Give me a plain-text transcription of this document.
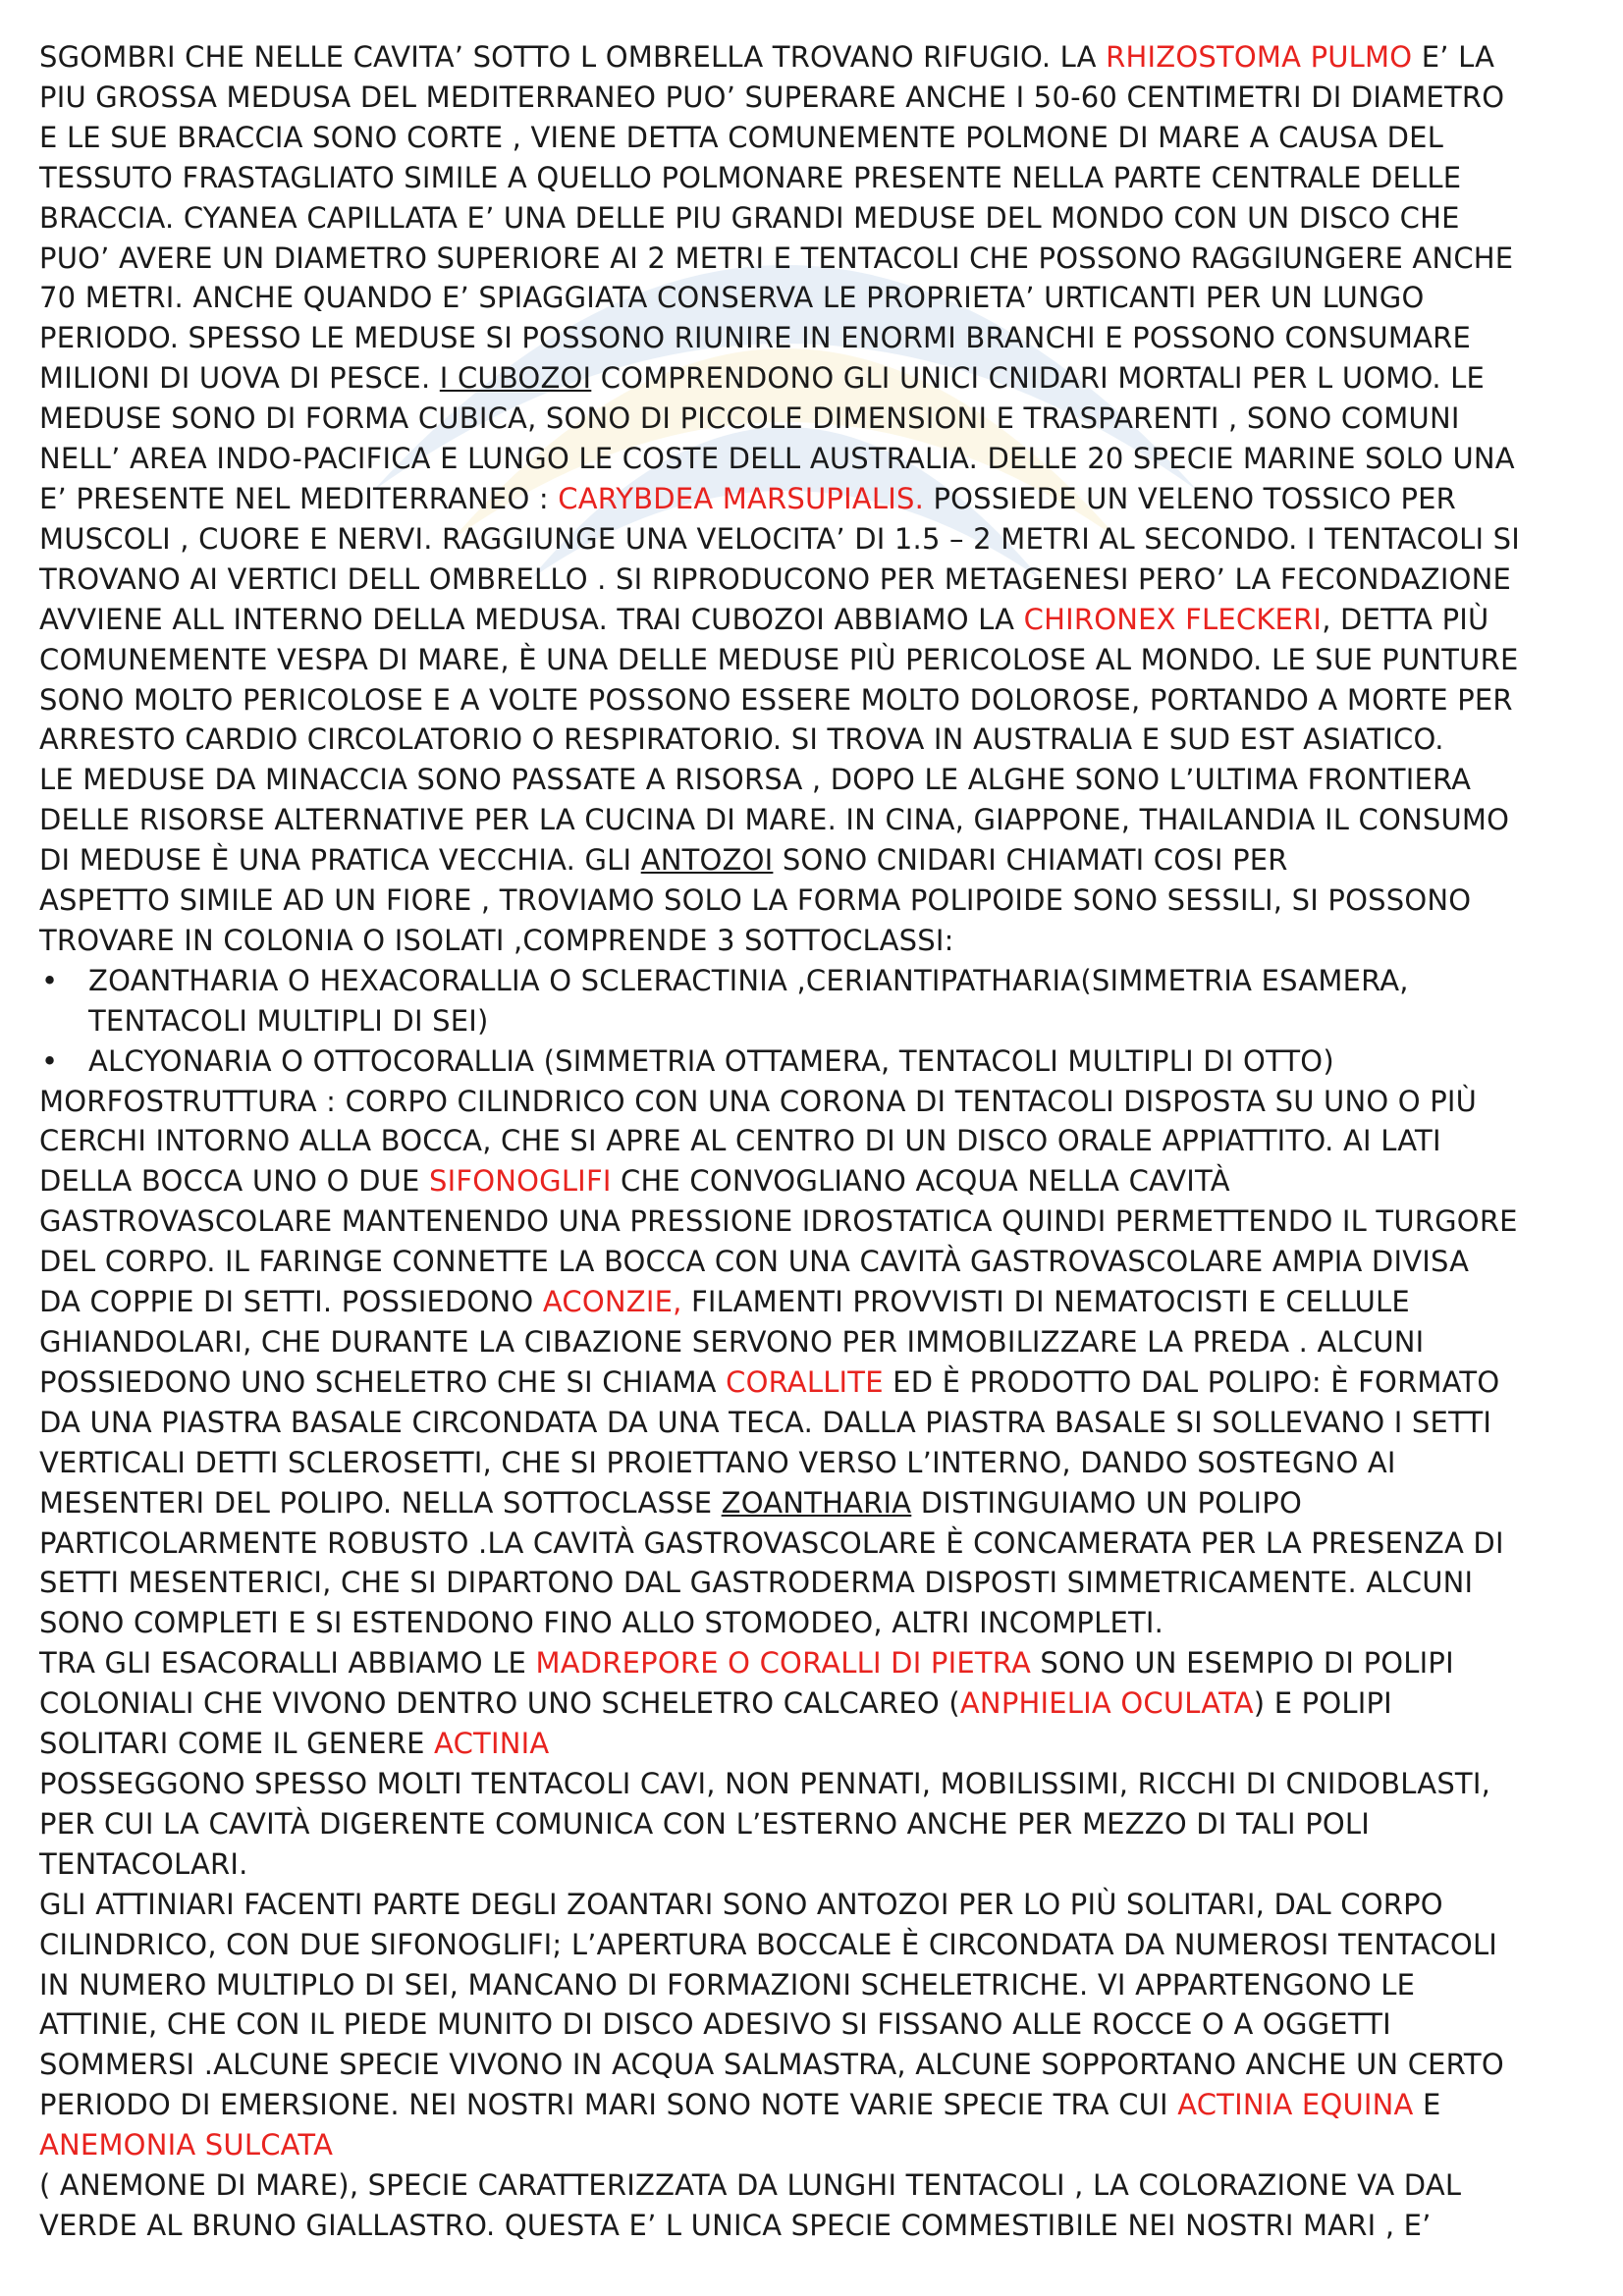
SGOMBRI CHE NELLE CAVITA’ SOTTO L OMBRELLA TROVANO RIFUGIO. LA RHIZOSTOMA PULMO E’ LA
PIU GROSSA MEDUSA DEL MEDITERRANEO PUO’ SUPERARE ANCHE I 50-60 CENTIMETRI DI DIAMETRO
E LE SUE BRACCIA SONO CORTE , VIENE DETTA COMUNEMENTE POLMONE DI MARE A CAUSA DEL
TESSUTO FRASTAGLIATO SIMILE A QUELLO POLMONARE PRESENTE NELLA PARTE CENTRALE DELLE
BRACCIA. CYANEA CAPILLATA E’ UNA DELLE PIU GRANDI MEDUSE DEL MONDO CON UN DISCO CHE
PUO’ AVERE UN DIAMETRO SUPERIORE AI 2 METRI E TENTACOLI CHE POSSONO RAGGIUNGERE ANCHE
70 METRI. ANCHE QUANDO E’ SPIAGGIATA CONSERVA LE PROPRIETA’ URTICANTI PER UN LUNGO
PERIODO. SPESSO LE MEDUSE SI POSSONO RIUNIRE IN ENORMI BRANCHI E POSSONO CONSUMARE
MILIONI DI UOVA DI PESCE. I CUBOZOI COMPRENDONO GLI UNICI CNIDARI MORTALI PER L UOMO. LE
MEDUSE SONO DI FORMA CUBICA, SONO DI PICCOLE DIMENSIONI E TRASPARENTI , SONO COMUNI
NELL’ AREA INDO-PACIFICA E LUNGO LE COSTE DELL AUSTRALIA. DELLE 20 SPECIE MARINE SOLO UNA
E’ PRESENTE NEL MEDITERRANEO : CARYBDEA MARSUPIALIS. POSSIEDE UN VELENO TOSSICO PER
MUSCOLI , CUORE E NERVI. RAGGIUNGE UNA VELOCITA’ DI 1.5 – 2 METRI AL SECONDO. I TENTACOLI SI
TROVANO AI VERTICI DELL OMBRELLO . SI RIPRODUCONO PER METAGENESI PERO’ LA FECONDAZIONE
AVVIENE ALL INTERNO DELLA MEDUSA. TRAI CUBOZOI ABBIAMO LA CHIRONEX FLECKERI, DETTA PIÙ
COMUNEMENTE VESPA DI MARE, È UNA DELLE MEDUSE PIÙ PERICOLOSE AL MONDO. LE SUE PUNTURE
SONO MOLTO PERICOLOSE E A VOLTE POSSONO ESSERE MOLTO DOLOROSE, PORTANDO A MORTE PER
ARRESTO CARDIO CIRCOLATORIO O RESPIRATORIO. SI TROVA IN AUSTRALIA E SUD EST ASIATICO.
LE MEDUSE DA MINACCIA SONO PASSATE A RISORSA , DOPO LE ALGHE SONO L’ULTIMA FRONTIERA
DELLE RISORSE ALTERNATIVE PER LA CUCINA DI MARE. IN CINA, GIAPPONE, THAILANDIA IL CONSUMO
DI MEDUSE È UNA PRATICA VECCHIA. GLI ANTOZOI SONO CNIDARI CHIAMATI COSI PER
ASPETTO SIMILE AD UN FIORE , TROVIAMO SOLO LA FORMA POLIPOIDE SONO SESSILI, SI POSSONO
TROVARE IN COLONIA O ISOLATI ,COMPRENDE 3 SOTTOCLASSI:
• ZOANTHARIA O HEXACORALLIA O SCLERACTINIA ,CERIANTIPATHARIA(SIMMETRIA ESAMERA,
TENTACOLI MULTIPLI DI SEI)
• ALCYONARIA O OTTOCORALLIA (SIMMETRIA OTTAMERA, TENTACOLI MULTIPLI DI OTTO)
MORFOSTRUTTURA : CORPO CILINDRICO CON UNA CORONA DI TENTACOLI DISPOSTA SU UNO O PIÙ
CERCHI INTORNO ALLA BOCCA, CHE SI APRE AL CENTRO DI UN DISCO ORALE APPIATTITO. AI LATI
DELLA BOCCA UNO O DUE SIFONOGLIFI CHE CONVOGLIANO ACQUA NELLA CAVITÀ
GASTROVASCOLARE MANTENENDO UNA PRESSIONE IDROSTATICA QUINDI PERMETTENDO IL TURGORE
DEL CORPO. IL FARINGE CONNETTE LA BOCCA CON UNA CAVITÀ GASTROVASCOLARE AMPIA DIVISA
DA COPPIE DI SETTI. POSSIEDONO ACONZIE, FILAMENTI PROVVISTI DI NEMATOCISTI E CELLULE
GHIANDOLARI, CHE DURANTE LA CIBAZIONE SERVONO PER IMMOBILIZZARE LA PREDA . ALCUNI
POSSIEDONO UNO SCHELETRO CHE SI CHIAMA CORALLITE ED È PRODOTTO DAL POLIPO: È FORMATO
DA UNA PIASTRA BASALE CIRCONDATA DA UNA TECA. DALLA PIASTRA BASALE SI SOLLEVANO I SETTI
VERTICALI DETTI SCLEROSETTI, CHE SI PROIETTANO VERSO L’INTERNO, DANDO SOSTEGNO AI
MESENTERI DEL POLIPO. NELLA SOTTOCLASSE ZOANTHARIA DISTINGUIAMO UN POLIPO
PARTICOLARMENTE ROBUSTO .LA CAVITÀ GASTROVASCOLARE È CONCAMERATA PER LA PRESENZA DI
SETTI MESENTERICI, CHE SI DIPARTONO DAL GASTRODERMA DISPOSTI SIMMETRICAMENTE. ALCUNI
SONO COMPLETI E SI ESTENDONO FINO ALLO STOMODEO, ALTRI INCOMPLETI.
TRA GLI ESACORALLI ABBIAMO LE MADREPORE O CORALLI DI PIETRA SONO UN ESEMPIO DI POLIPI
COLONIALI CHE VIVONO DENTRO UNO SCHELETRO CALCAREO (ANPHIELIA OCULATA) E POLIPI
SOLITARI COME IL GENERE ACTINIA
POSSEGGONO SPESSO MOLTI TENTACOLI CAVI, NON PENNATI, MOBILISSIMI, RICCHI DI CNIDOBLASTI,
PER CUI LA CAVITÀ DIGERENTE COMUNICA CON L’ESTERNO ANCHE PER MEZZO DI TALI POLI
TENTACOLARI.
GLI ATTINIARI FACENTI PARTE DEGLI ZOANTARI SONO ANTOZOI PER LO PIÙ SOLITARI, DAL CORPO
CILINDRICO, CON DUE SIFONOGLIFI; L’APERTURA BOCCALE È CIRCONDATA DA NUMEROSI TENTACOLI
IN NUMERO MULTIPLO DI SEI, MANCANO DI FORMAZIONI SCHELETRICHE. VI APPARTENGONO LE
ATTINIE, CHE CON IL PIEDE MUNITO DI DISCO ADESIVO SI FISSANO ALLE ROCCE O A OGGETTI
SOMMERSI .ALCUNE SPECIE VIVONO IN ACQUA SALMASTRA, ALCUNE SOPPORTANO ANCHE UN CERTO
PERIODO DI EMERSIONE. NEI NOSTRI MARI SONO NOTE VARIE SPECIE TRA CUI ACTINIA EQUINA E
ANEMONIA SULCATA
( ANEMONE DI MARE), SPECIE CARATTERIZZATA DA LUNGHI TENTACOLI , LA COLORAZIONE VA DAL
VERDE AL BRUNO GIALLASTRO. QUESTA E’ L UNICA SPECIE COMMESTIBILE NEI NOSTRI MARI , E’
